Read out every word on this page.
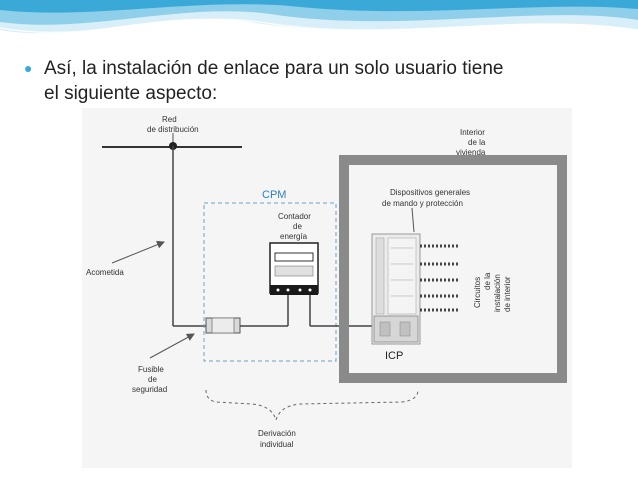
● Así, la instalación de enlace para un solo usuario tiene
el siguiente aspecto:
Red
de distribución
Acometida
CPM
Fusible
de
seguridad
Contador
de
energía
Interior
de la
vivienda
Dispositivos generales
de mando y protección
ICP
Circuitos de la instalación de interior
Derivación
individual
